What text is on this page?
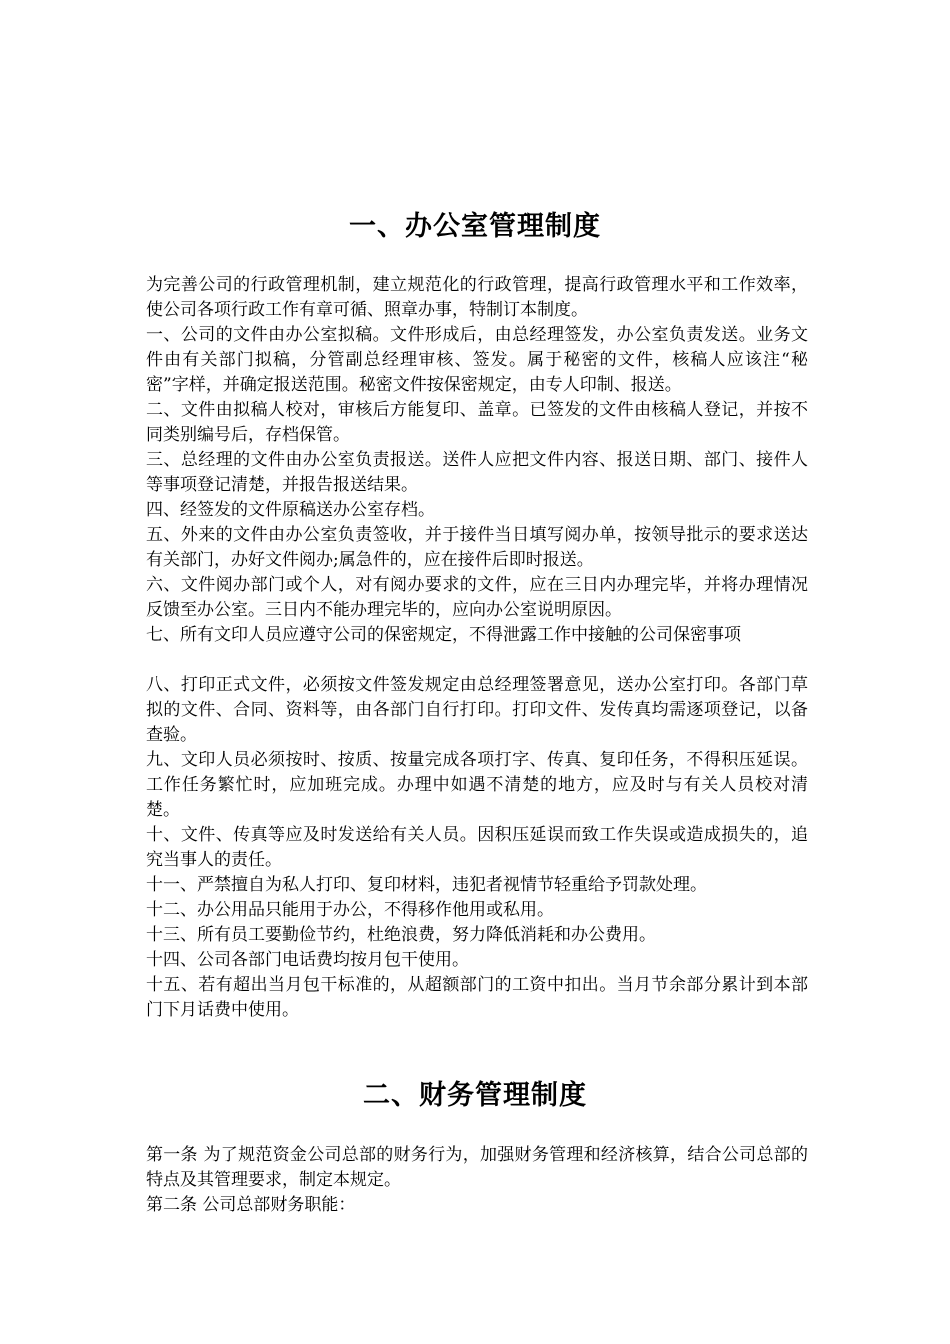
一、办公室管理制度

为完善公司的行政管理机制，建立规范化的行政管理，提高行政管理水平和工作效率，使公司各项行政工作有章可循、照章办事，特制订本制度。

一、公司的文件由办公室拟稿。文件形成后，由总经理签发，办公室负责发送。业务文件由有关部门拟稿，分管副总经理审核、签发。属于秘密的文件，核稿人应该注“秘密”字样，并确定报送范围。秘密文件按保密规定，由专人印制、报送。

二、文件由拟稿人校对，审核后方能复印、盖章。已签发的文件由核稿人登记，并按不同类别编号后，存档保管。

三、总经理的文件由办公室负责报送。送件人应把文件内容、报送日期、部门、接件人等事项登记清楚，并报告报送结果。

四、经签发的文件原稿送办公室存档。

五、外来的文件由办公室负责签收，并于接件当日填写阅办单，按领导批示的要求送达有关部门，办好文件阅办;属急件的，应在接件后即时报送。

六、文件阅办部门或个人，对有阅办要求的文件，应在三日内办理完毕，并将办理情况反馈至办公室。三日内不能办理完毕的，应向办公室说明原因。

七、所有文印人员应遵守公司的保密规定，不得泄露工作中接触的公司保密事项

八、打印正式文件，必须按文件签发规定由总经理签署意见，送办公室打印。各部门草拟的文件、合同、资料等，由各部门自行打印。打印文件、发传真均需逐项登记，以备查验。

九、文印人员必须按时、按质、按量完成各项打字、传真、复印任务，不得积压延误。工作任务繁忙时，应加班完成。办理中如遇不清楚的地方，应及时与有关人员校对清楚。

十、文件、传真等应及时发送给有关人员。因积压延误而致工作失误或造成损失的，追究当事人的责任。

十一、严禁擅自为私人打印、复印材料，违犯者视情节轻重给予罚款处理。

十二、办公用品只能用于办公，不得移作他用或私用。

十三、所有员工要勤俭节约，杜绝浪费，努力降低消耗和办公费用。

十四、公司各部门电话费均按月包干使用。

十五、若有超出当月包干标准的，从超额部门的工资中扣出。当月节余部分累计到本部门下月话费中使用。

二、财务管理制度

第一条 为了规范资金公司总部的财务行为，加强财务管理和经济核算，结合公司总部的特点及其管理要求，制定本规定。

第二条 公司总部财务职能：
